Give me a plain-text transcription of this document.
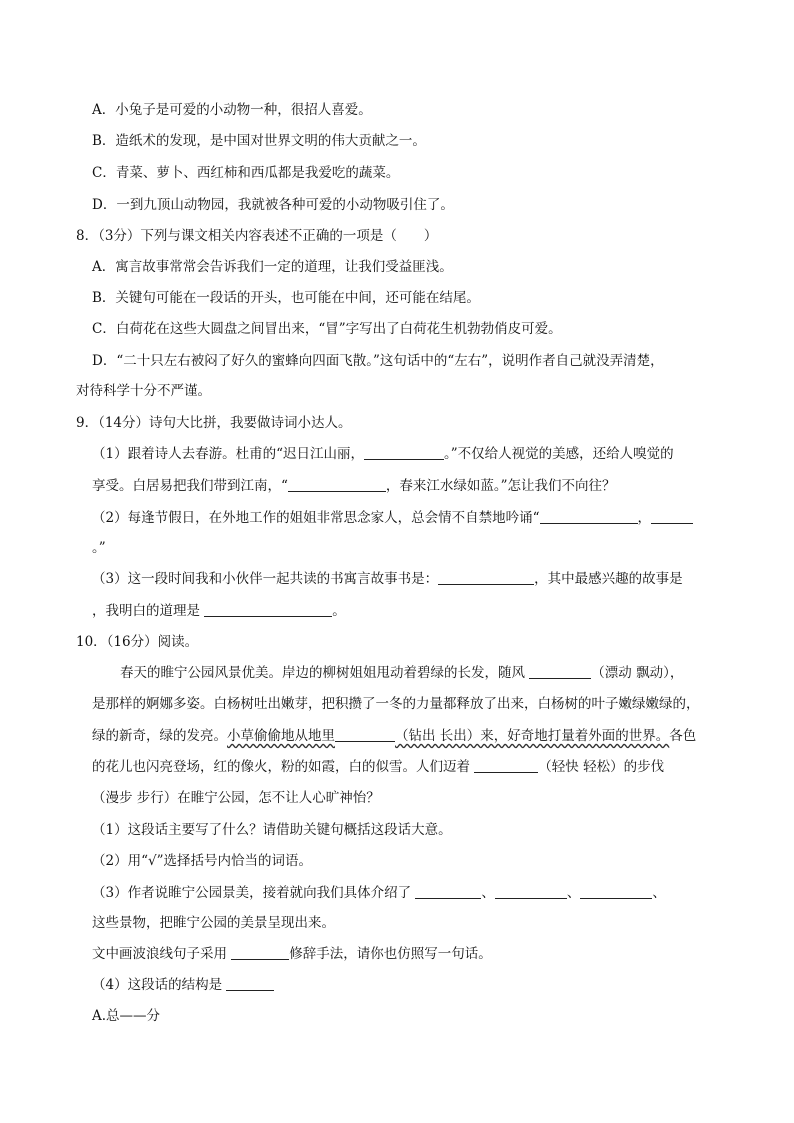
A．小兔子是可爱的小动物一种，很招人喜爱。
B．造纸术的发现，是中国对世界文明的伟大贡献之一。
C．青菜、萝卜、西红柿和西瓜都是我爱吃的蔬菜。
D．一到九顶山动物园，我就被各种可爱的小动物吸引住了。
8．（3分）下列与课文相关内容表述不正确的一项是（　　）
A．寓言故事常常会告诉我们一定的道理，让我们受益匪浅。
B．关键句可能在一段话的开头，也可能在中间，还可能在结尾。
C．白荷花在这些大圆盘之间冒出来，“冒”字写出了白荷花生机勃勃俏皮可爱。
D．“二十只左右被闷了好久的蜜蜂向四面飞散。”这句话中的“左右”，说明作者自己就没弄清楚，
对待科学十分不严谨。
9．（14分）诗句大比拼，我要做诗词小达人。
（1）跟着诗人去春游。杜甫的“迟日江山丽，	。”不仅给人视觉的美感，还给人嗅觉的
享受。白居易把我们带到江南，“	，春来江水绿如蓝。”怎让我们不向往？
（2）每逢节假日，在外地工作的姐姐非常思念家人，总会情不自禁地吟诵“	，
。”
（3）这一段时间我和小伙伴一起共读的书寓言故事书是：	，其中最感兴趣的故事是
，我明白的道理是	。
10．（16分）阅读。
春天的睢宁公园风景优美。岸边的柳树姐姐甩动着碧绿的长发，随风	（漂动 飘动），
是那样的婀娜多姿。白杨树吐出嫩芽，把积攒了一冬的力量都释放了出来，白杨树的叶子嫩绿嫩绿的，
绿的新奇，绿的发亮。小草偷偷地从地里	（钻出 长出）来，好奇地打量着外面的世界。各色
的花儿也闪亮登场，红的像火，粉的如霞，白的似雪。人们迈着	（轻快 轻松）的步伐
（漫步 步行）在睢宁公园，怎不让人心旷神怡？
（1）这段话主要写了什么？请借助关键句概括这段话大意。
（2）用“√”选择括号内恰当的词语。
（3）作者说睢宁公园景美，接着就向我们具体介绍了	、	、	、
这些景物，把睢宁公园的美景呈现出来。
文中画波浪线句子采用	修辞手法，请你也仿照写一句话。
（4）这段话的结构是
A.总——分
